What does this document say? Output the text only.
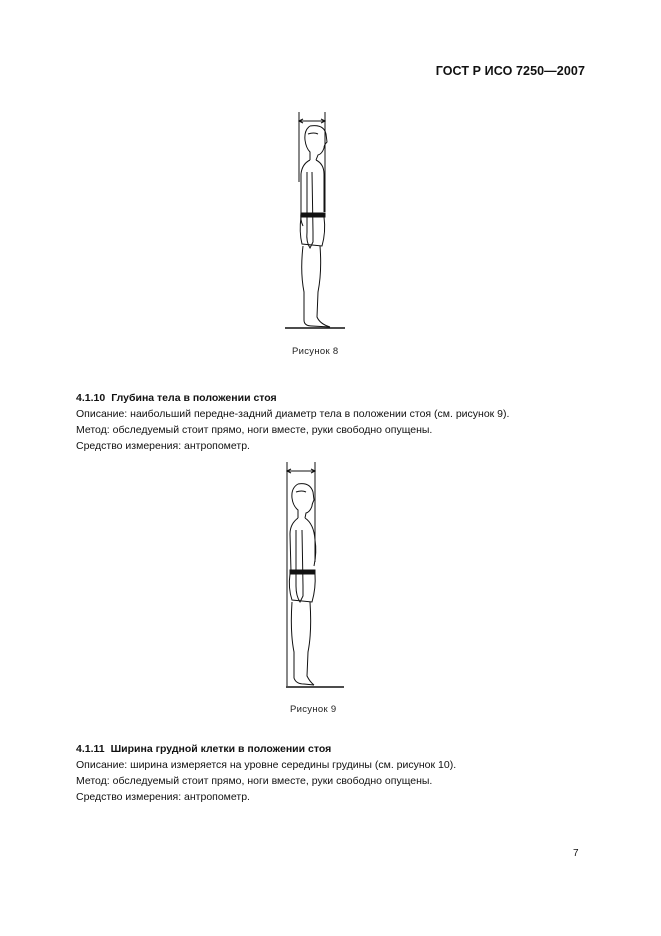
ГОСТ Р ИСО 7250—2007
Рисунок 8
4.1.10 Глубина тела в положении стоя
Описание: наибольший передне-задний диаметр тела в положении стоя (см. рисунок 9).
Метод: обследуемый стоит прямо, ноги вместе, руки свободно опущены.
Средство измерения: антропометр.
Рисунок 9
4.1.11 Ширина грудной клетки в положении стоя
Описание: ширина измеряется на уровне середины грудины (см. рисунок 10).
Метод: обследуемый стоит прямо, ноги вместе, руки свободно опущены.
Средство измерения: антропометр.
7
